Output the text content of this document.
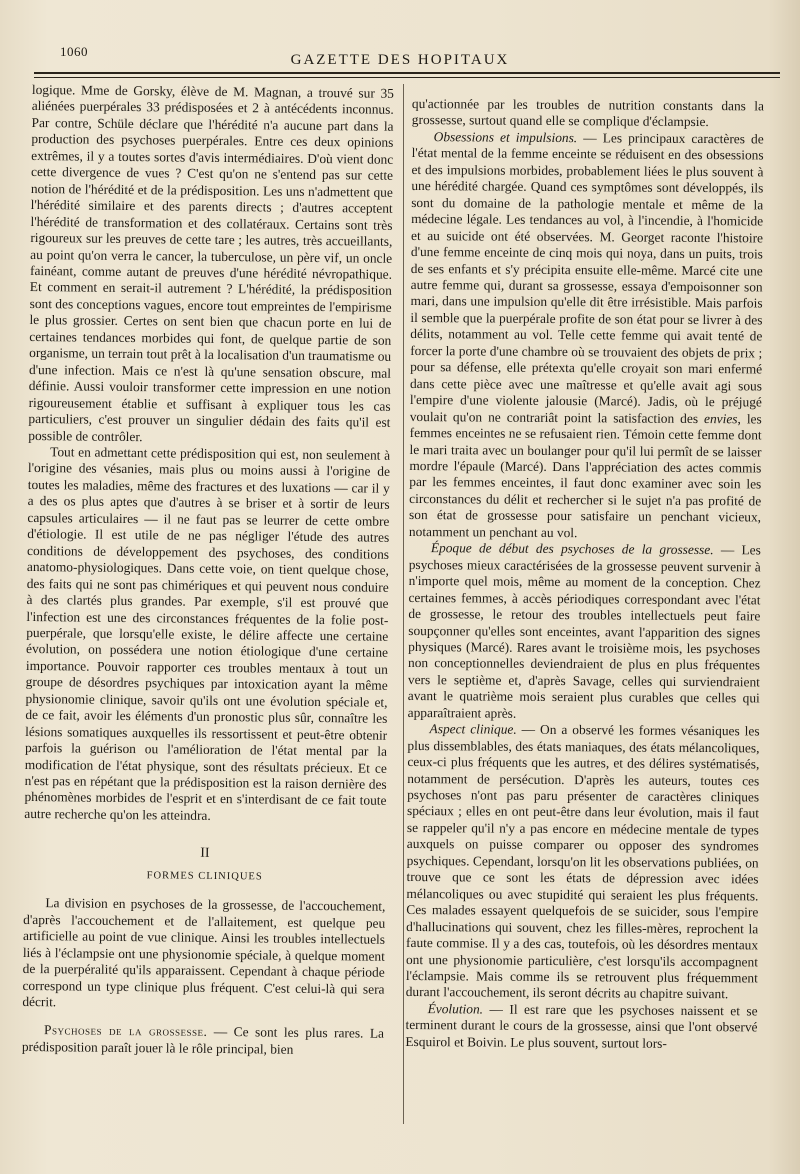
1060
GAZETTE DES HOPITAUX

logique. Mme de Gorsky, élève de M. Magnan, a trouvé sur 35 aliénées puerpérales 33 prédisposées et 2 à antécédents inconnus. Par contre, Schüle déclare que l'hérédité n'a aucune part dans la production des psychoses puerpérales. Entre ces deux opinions extrêmes, il y a toutes sortes d'avis intermédiaires. D'où vient donc cette divergence de vues ? C'est qu'on ne s'entend pas sur cette notion de l'hérédité et de la prédisposition. Les uns n'admettent que l'hérédité similaire et des parents directs ; d'autres acceptent l'hérédité de transformation et des collatéraux. Certains sont très rigoureux sur les preuves de cette tare ; les autres, très accueillants, au point qu'on verra le cancer, la tuberculose, un père vif, un oncle fainéant, comme autant de preuves d'une hérédité névropathique. Et comment en serait-il autrement ? L'hérédité, la prédisposition sont des conceptions vagues, encore tout empreintes de l'empirisme le plus grossier. Certes on sent bien que chacun porte en lui de certaines tendances morbides qui font, de quelque partie de son organisme, un terrain tout prêt à la localisation d'un traumatisme ou d'une infection. Mais ce n'est là qu'une sensation obscure, mal définie. Aussi vouloir transformer cette impression en une notion rigoureusement établie et suffisant à expliquer tous les cas particuliers, c'est prouver un singulier dédain des faits qu'il est possible de contrôler.

Tout en admettant cette prédisposition qui est, non seulement à l'origine des vésanies, mais plus ou moins aussi à l'origine de toutes les maladies, même des fractures et des luxations — car il y a des os plus aptes que d'autres à se briser et à sortir de leurs capsules articulaires — il ne faut pas se leurrer de cette ombre d'étiologie. Il est utile de ne pas négliger l'étude des autres conditions de développement des psychoses, des conditions anatomo-physiologiques. Dans cette voie, on tient quelque chose, des faits qui ne sont pas chimériques et qui peuvent nous conduire à des clartés plus grandes. Par exemple, s'il est prouvé que l'infection est une des circonstances fréquentes de la folie post-puerpérale, que lorsqu'elle existe, le délire affecte une certaine évolution, on possédera une notion étiologique d'une certaine importance. Pouvoir rapporter ces troubles mentaux à tout un groupe de désordres psychiques par intoxication ayant la même physionomie clinique, savoir qu'ils ont une évolution spéciale et, de ce fait, avoir les éléments d'un pronostic plus sûr, connaître les lésions somatiques auxquelles ils ressortissent et peut-être obtenir parfois la guérison ou l'amélioration de l'état mental par la modification de l'état physique, sont des résultats précieux. Et ce n'est pas en répétant que la prédisposition est la raison dernière des phénomènes morbides de l'esprit et en s'interdisant de ce fait toute autre recherche qu'on les atteindra.

II
FORMES CLINIQUES

La division en psychoses de la grossesse, de l'accouchement, d'après l'accouchement et de l'allaitement, est quelque peu artificielle au point de vue clinique. Ainsi les troubles intellectuels liés à l'éclampsie ont une physionomie spéciale, à quelque moment de la puerpéralité qu'ils apparaissent. Cependant à chaque période correspond un type clinique plus fréquent. C'est celui-là qui sera décrit.

Psychoses de la grossesse. — Ce sont les plus rares. La prédisposition paraît jouer là le rôle principal, bien

qu'actionnée par les troubles de nutrition constants dans la grossesse, surtout quand elle se complique d'éclampsie.

Obsessions et impulsions. — Les principaux caractères de l'état mental de la femme enceinte se réduisent en des obsessions et des impulsions morbides, probablement liées le plus souvent à une hérédité chargée. Quand ces symptômes sont développés, ils sont du domaine de la pathologie mentale et même de la médecine légale. Les tendances au vol, à l'incendie, à l'homicide et au suicide ont été observées. M. Georget raconte l'histoire d'une femme enceinte de cinq mois qui noya, dans un puits, trois de ses enfants et s'y précipita ensuite elle-même. Marcé cite une autre femme qui, durant sa grossesse, essaya d'empoisonner son mari, dans une impulsion qu'elle dit être irrésistible. Mais parfois il semble que la puerpérale profite de son état pour se livrer à des délits, notamment au vol. Telle cette femme qui avait tenté de forcer la porte d'une chambre où se trouvaient des objets de prix ; pour sa défense, elle prétexta qu'elle croyait son mari enfermé dans cette pièce avec une maîtresse et qu'elle avait agi sous l'empire d'une violente jalousie (Marcé). Jadis, où le préjugé voulait qu'on ne contrariât point la satisfaction des envies, les femmes enceintes ne se refusaient rien. Témoin cette femme dont le mari traita avec un boulanger pour qu'il lui permît de se laisser mordre l'épaule (Marcé). Dans l'appréciation des actes commis par les femmes enceintes, il faut donc examiner avec soin les circonstances du délit et rechercher si le sujet n'a pas profité de son état de grossesse pour satisfaire un penchant vicieux, notamment un penchant au vol.

Époque de début des psychoses de la grossesse. — Les psychoses mieux caractérisées de la grossesse peuvent survenir à n'importe quel mois, même au moment de la conception. Chez certaines femmes, à accès périodiques correspondant avec l'état de grossesse, le retour des troubles intellectuels peut faire soupçonner qu'elles sont enceintes, avant l'apparition des signes physiques (Marcé). Rares avant le troisième mois, les psychoses non conceptionnelles deviendraient de plus en plus fréquentes vers le septième et, d'après Savage, celles qui surviendraient avant le quatrième mois seraient plus curables que celles qui apparaîtraient après.

Aspect clinique. — On a observé les formes vésaniques les plus dissemblables, des états maniaques, des états mélancoliques, ceux-ci plus fréquents que les autres, et des délires systématisés, notamment de persécution. D'après les auteurs, toutes ces psychoses n'ont pas paru présenter de caractères cliniques spéciaux ; elles en ont peut-être dans leur évolution, mais il faut se rappeler qu'il n'y a pas encore en médecine mentale de types auxquels on puisse comparer ou opposer des syndromes psychiques. Cependant, lorsqu'on lit les observations publiées, on trouve que ce sont les états de dépression avec idées mélancoliques ou avec stupidité qui seraient les plus fréquents. Ces malades essayent quelquefois de se suicider, sous l'empire d'hallucinations qui souvent, chez les filles-mères, reprochent la faute commise. Il y a des cas, toutefois, où les désordres mentaux ont une physionomie particulière, c'est lorsqu'ils accompagnent l'éclampsie. Mais comme ils se retrouvent plus fréquemment durant l'accouchement, ils seront décrits au chapitre suivant.

Évolution. — Il est rare que les psychoses naissent et se terminent durant le cours de la grossesse, ainsi que l'ont observé Esquirol et Boivin. Le plus souvent, surtout lors-
